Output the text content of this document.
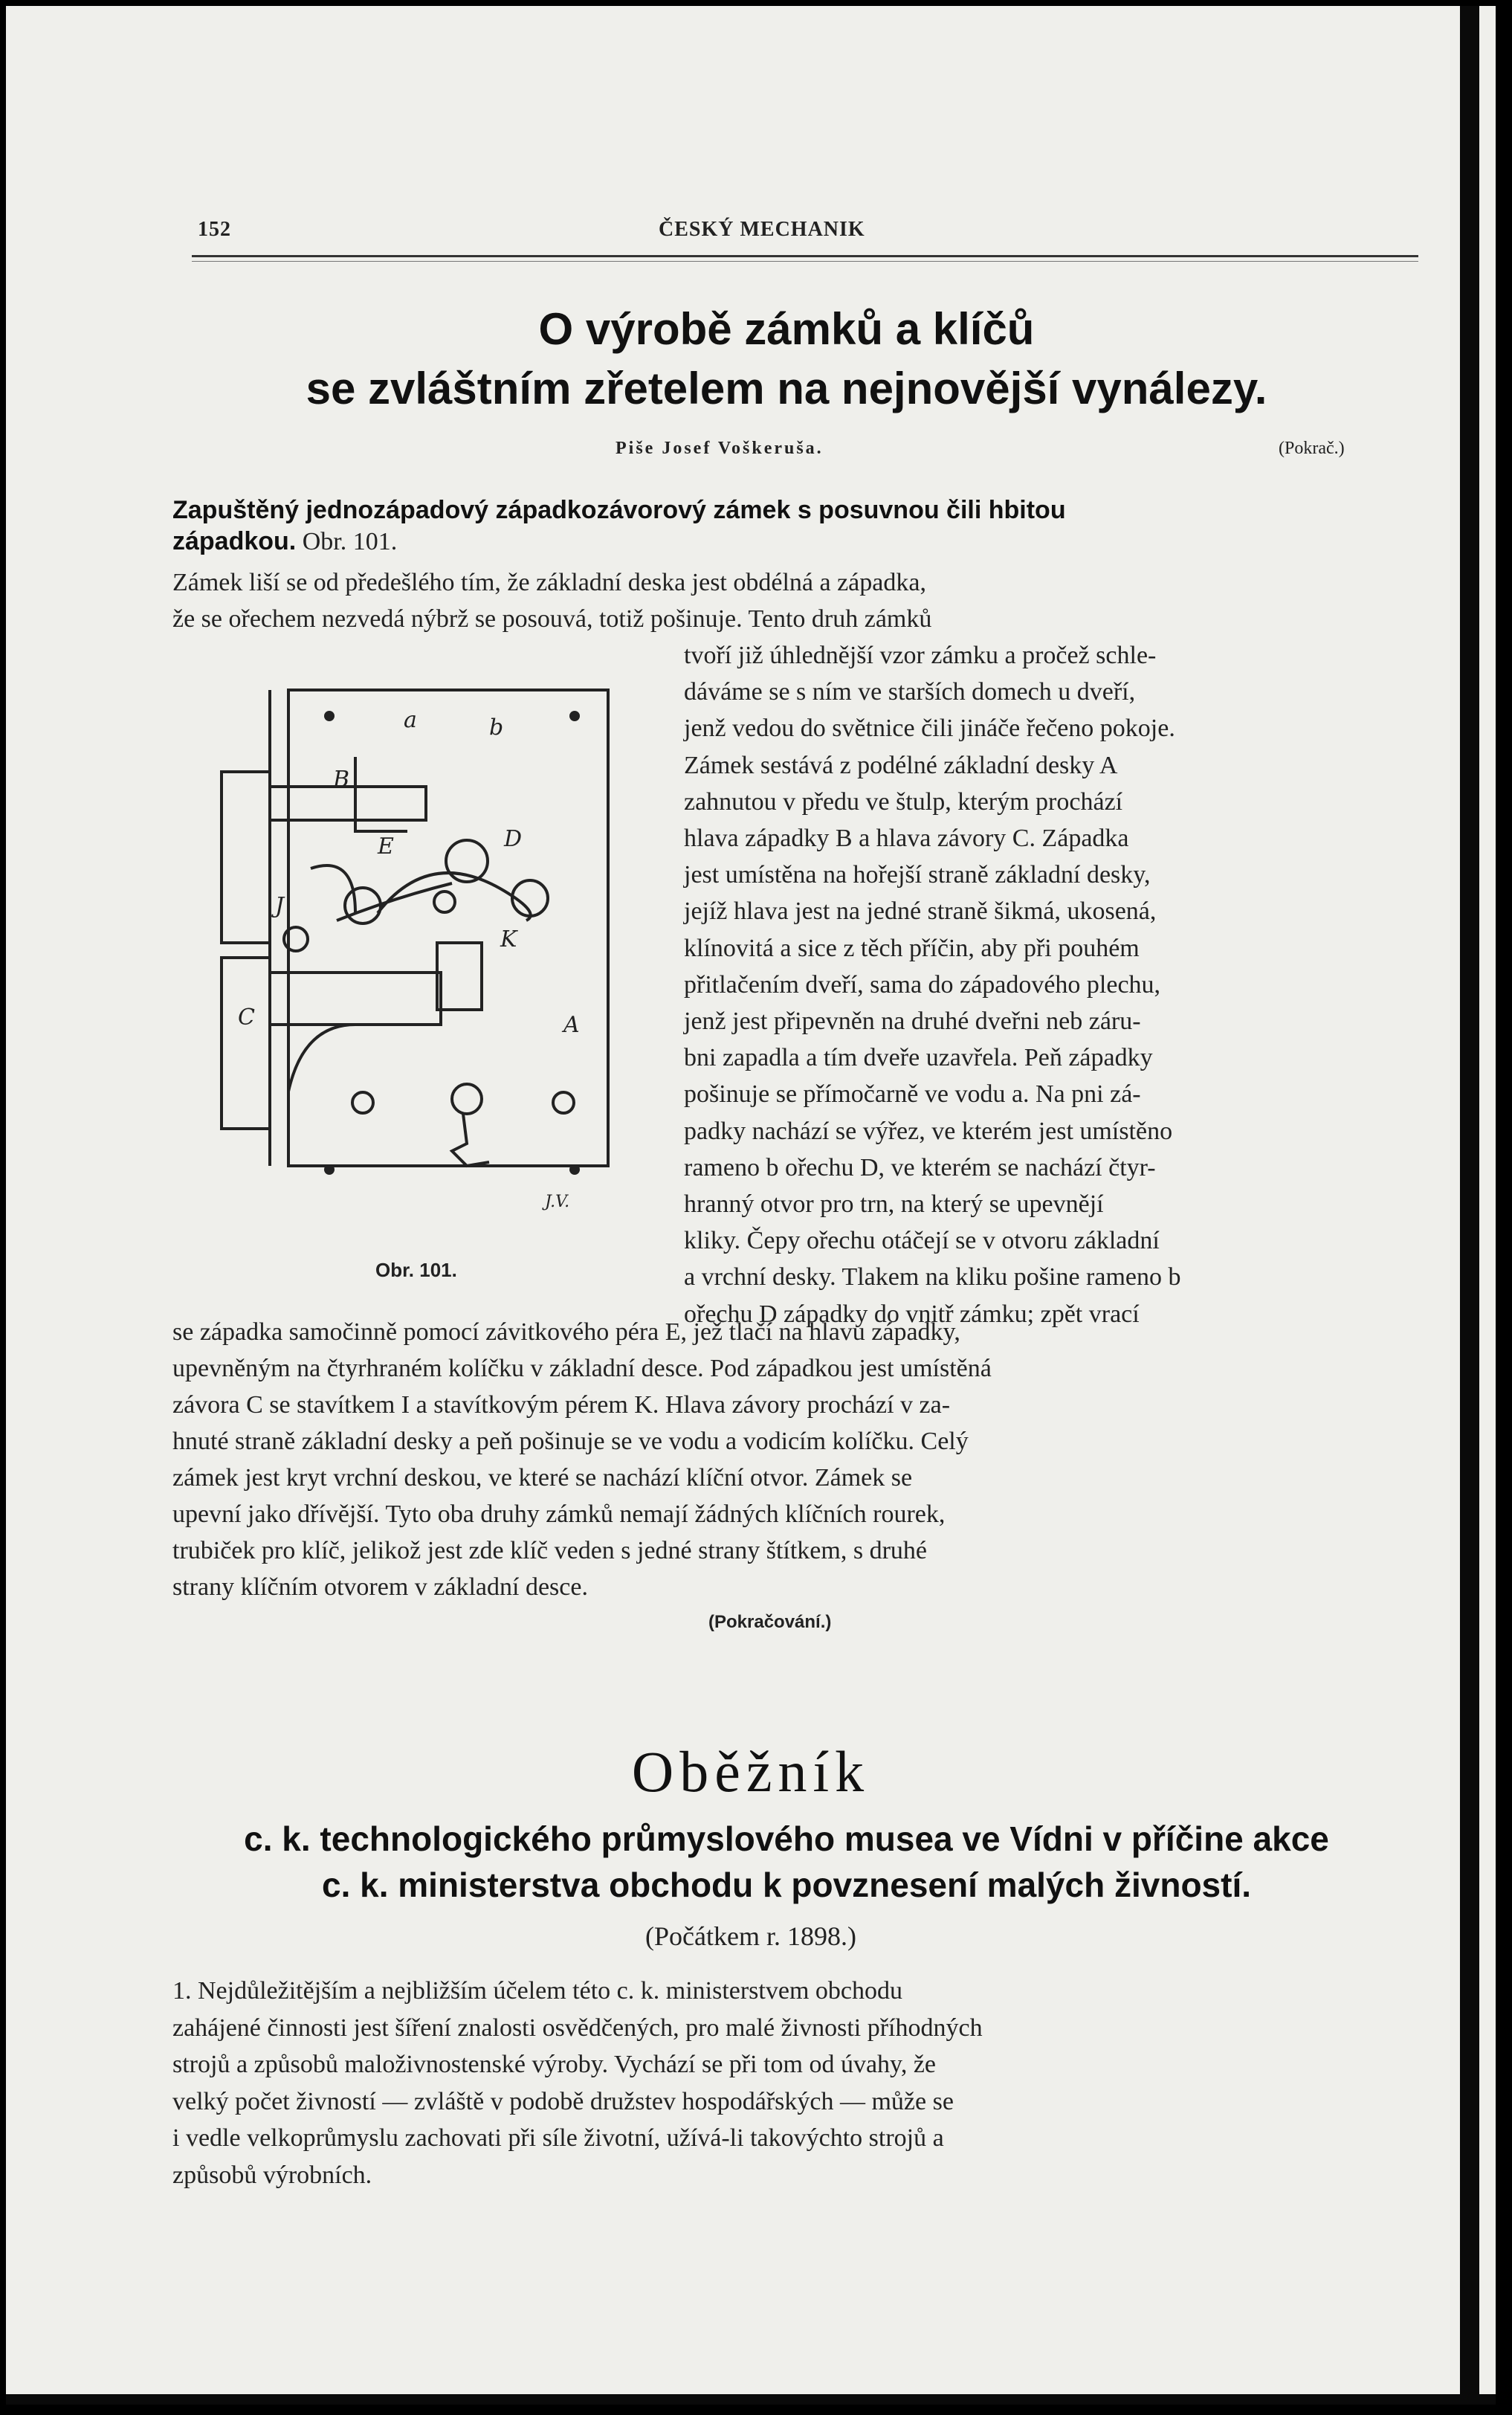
152	ČESKÝ MECHANIK
O výrobě zámků a klíčů
se zvláštním zřetelem na nejnovější vynálezy.
Piše Josef Voškeruša.	(Pokrač.)
Zapuštěný jednozápadový západkozávorový zámek s posuvnou čili hbitou
západkou. Obr. 101.
Zámek liší se od předešlého tím, že základní deska jest obdélná a západka,
že se ořechem nezvedá nýbrž se posouvá, totiž pošinuje. Tento druh zámků
tvoří již úhlednější vzor zámku a pročež schle-
dáváme se s ním ve starších domech u dveří,
jenž vedou do světnice čili jináče řečeno pokoje.
Zámek sestává z podélné základní desky A
zahnutou v předu ve štulp, kterým prochází
hlava západky B a hlava závory C. Západka
jest umístěna na hořejší straně základní desky,
jejíž hlava jest na jedné straně šikmá, ukosená,
klínovitá a sice z těch příčin, aby při pouhém
přitlačením dveří, sama do západového plechu,
jenž jest připevněn na druhé dveřni neb záru-
bni zapadla a tím dveře uzavřela. Peň západky
pošinuje se přímočarně ve vodu a. Na pni zá-
padky nachází se výřez, ve kterém jest umístěno
rameno b ořechu D, ve kterém se nachází čtyr-
hranný otvor pro trn, na který se upevnějí
kliky. Čepy ořechu otáčejí se v otvoru základní
a vrchní desky. Tlakem na kliku pošine rameno b
ořechu D západky do vnitř zámku; zpět vrací
se západka samočinně pomocí závitkového péra E, jež tlačí na hlavu západky,
upevněným na čtyrhraném kolíčku v základní desce. Pod západkou jest umístěná
závora C se stavítkem I a stavítkovým pérem K. Hlava závory prochází v za-
hnuté straně základní desky a peň pošinuje se ve vodu a vodicím kolíčku. Celý
zámek jest kryt vrchní deskou, ve které se nachází klíční otvor. Zámek se
upevní jako dřívější. Tyto oba druhy zámků nemají žádných klíčních rourek,
trubiček pro klíč, jelikož jest zde klíč veden s jedné strany štítkem, s druhé
strany klíčním otvorem v základní desce.
a	b
B
D
E
J
K
C	A
J.V.
Obr. 101.
(Pokračování.)
Oběžník
c. k. technologického průmyslového musea ve Vídni v příčine akce
c. k. ministerstva obchodu k povznesení malých živností.
(Počátkem r. 1898.)
1. Nejdůležitějším a nejbližším účelem této c. k. ministerstvem obchodu
zahájené činnosti jest šíření znalosti osvědčených, pro malé živnosti příhodných
strojů a způsobů maloživnostenské výroby. Vychází se při tom od úvahy, že
velký počet živností — zvláště v podobě družstev hospodářských — může se
i vedle velkoprůmyslu zachovati při síle životní, užívá-li takovýchto strojů a
způsobů výrobních.
